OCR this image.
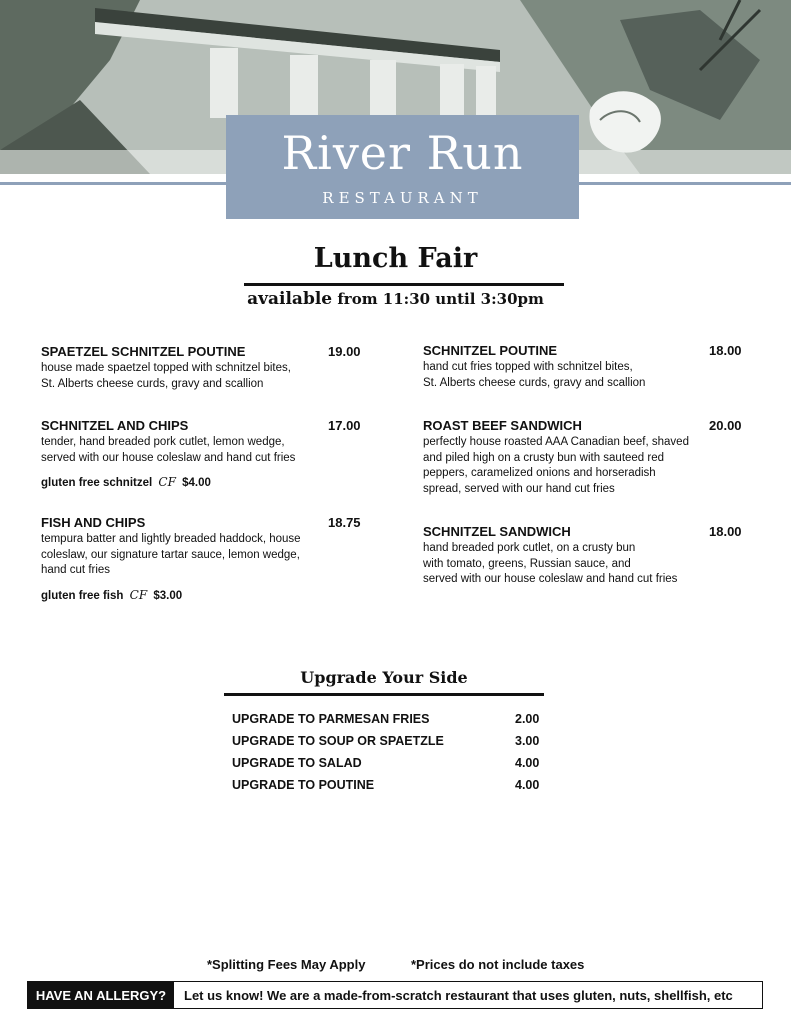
River Run
RESTAURANT
Lunch Fair
available from 11:30 until 3:30pm
SPAETZEL SCHNITZEL POUTINE
house made spaetzel topped with schnitzel bites,
St. Alberts cheese curds, gravy and scallion
19.00
SCHNITZEL AND CHIPS
tender, hand breaded pork cutlet, lemon wedge,
served with our house coleslaw and hand cut fries
gluten free schnitzel CF $4.00
17.00
FISH AND CHIPS
tempura batter and lightly breaded haddock, house
coleslaw, our signature tartar sauce, lemon wedge,
hand cut fries
gluten free fish CF $3.00
18.75
SCHNITZEL POUTINE
hand cut fries topped with schnitzel bites,
St. Alberts cheese curds, gravy and scallion
18.00
ROAST BEEF SANDWICH
perfectly house roasted AAA Canadian beef, shaved
and piled high on a crusty bun with sauteed red
peppers, caramelized onions and horseradish
spread, served with our hand cut fries
20.00
SCHNITZEL SANDWICH
hand breaded pork cutlet, on a crusty bun
with tomato, greens, Russian sauce, and
served with our house coleslaw and hand cut fries
18.00
Upgrade Your Side
UPGRADE TO PARMESAN FRIES	2.00
UPGRADE TO SOUP OR SPAETZLE	3.00
UPGRADE TO SALAD	4.00
UPGRADE TO POUTINE	4.00
*Splitting Fees May Apply	*Prices do not include taxes
HAVE AN ALLERGY?	Let us know! We are a made-from-scratch restaurant that uses gluten, nuts, shellfish, etc
